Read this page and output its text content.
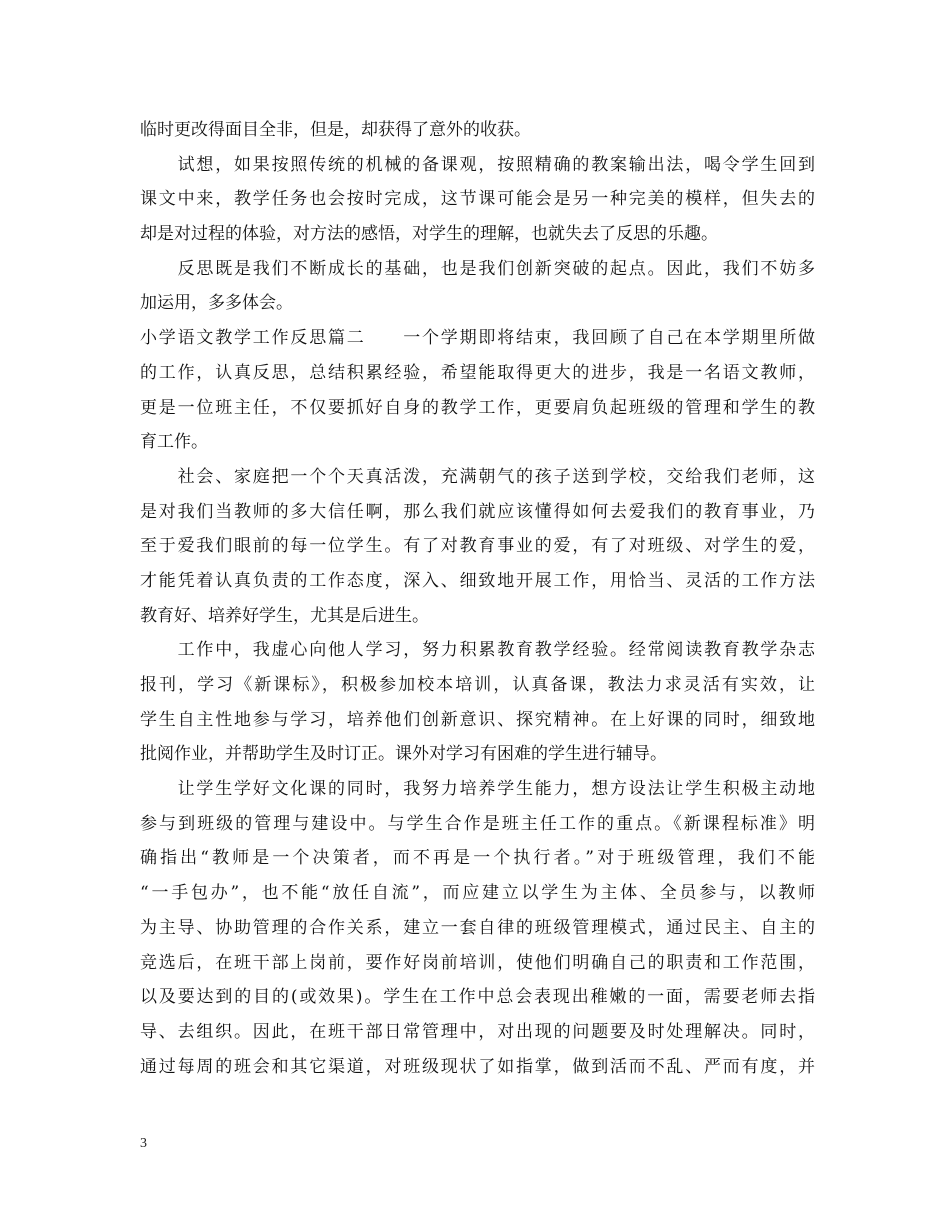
临时更改得面目全非，但是，却获得了意外的收获。
　　试想，如果按照传统的机械的备课观，按照精确的教案输出法，喝令学生回到
课文中来，教学任务也会按时完成，这节课可能会是另一种完美的模样，但失去的
却是对过程的体验，对方法的感悟，对学生的理解，也就失去了反思的乐趣。
　　反思既是我们不断成长的基础，也是我们创新突破的起点。因此，我们不妨多
加运用，多多体会。
小学语文教学工作反思篇二　　一个学期即将结束，我回顾了自己在本学期里所做
的工作，认真反思，总结积累经验，希望能取得更大的进步，我是一名语文教师，
更是一位班主任，不仅要抓好自身的教学工作，更要肩负起班级的管理和学生的教
育工作。
　　社会、家庭把一个个天真活泼，充满朝气的孩子送到学校，交给我们老师，这
是对我们当教师的多大信任啊，那么我们就应该懂得如何去爱我们的教育事业，乃
至于爱我们眼前的每一位学生。有了对教育事业的爱，有了对班级、对学生的爱，
才能凭着认真负责的工作态度，深入、细致地开展工作，用恰当、灵活的工作方法
教育好、培养好学生，尤其是后进生。
　　工作中，我虚心向他人学习，努力积累教育教学经验。经常阅读教育教学杂志
报刊，学习《新课标》，积极参加校本培训，认真备课，教法力求灵活有实效，让
学生自主性地参与学习，培养他们创新意识、探究精神。在上好课的同时，细致地
批阅作业，并帮助学生及时订正。课外对学习有困难的学生进行辅导。
　　让学生学好文化课的同时，我努力培养学生能力，想方设法让学生积极主动地
参与到班级的管理与建设中。与学生合作是班主任工作的重点。《新课程标准》明
确指出“教师是一个决策者，而不再是一个执行者。”对于班级管理，我们不能
“一手包办”，也不能“放任自流”，而应建立以学生为主体、全员参与，以教师
为主导、协助管理的合作关系，建立一套自律的班级管理模式，通过民主、自主的
竞选后，在班干部上岗前，要作好岗前培训，使他们明确自己的职责和工作范围，
以及要达到的目的(或效果)。学生在工作中总会表现出稚嫩的一面，需要老师去指
导、去组织。因此，在班干部日常管理中，对出现的问题要及时处理解决。同时，
通过每周的班会和其它渠道，对班级现状了如指掌，做到活而不乱、严而有度，并
3
